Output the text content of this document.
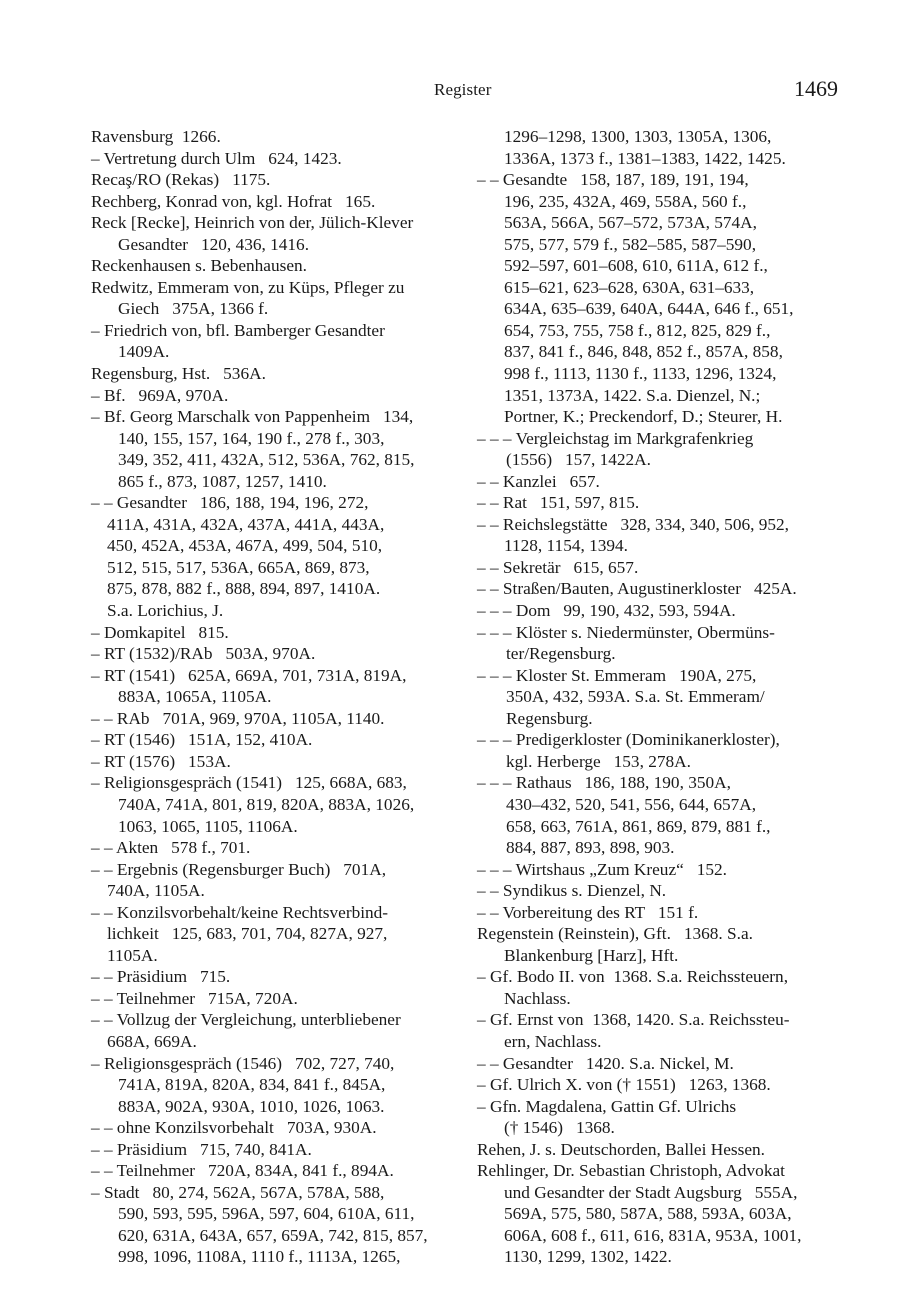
Register	1469
Ravensburg  1266.
– Vertretung durch Ulm   624, 1423.
Recaş/RO (Rekas)   1175.
Rechberg, Konrad von, kgl. Hofrat   165.
Reck [Recke], Heinrich von der, Jülich-Klever
Gesandter   120, 436, 1416.
Reckenhausen s. Bebenhausen.
Redwitz, Emmeram von, zu Küps, Pfleger zu
Giech   375A, 1366 f.
– Friedrich von, bfl. Bamberger Gesandter
1409A.
Regensburg, Hst.   536A.
– Bf.   969A, 970A.
– Bf. Georg Marschalk von Pappenheim   134,
140, 155, 157, 164, 190 f., 278 f., 303,
349, 352, 411, 432A, 512, 536A, 762, 815,
865 f., 873, 1087, 1257, 1410.
– – Gesandter   186, 188, 194, 196, 272,
411A, 431A, 432A, 437A, 441A, 443A,
450, 452A, 453A, 467A, 499, 504, 510,
512, 515, 517, 536A, 665A, 869, 873,
875, 878, 882 f., 888, 894, 897, 1410A.
S.a. Lorichius, J.
– Domkapitel   815.
– RT (1532)/RAb   503A, 970A.
– RT (1541)   625A, 669A, 701, 731A, 819A,
883A, 1065A, 1105A.
– – RAb   701A, 969, 970A, 1105A, 1140.
– RT (1546)   151A, 152, 410A.
– RT (1576)   153A.
– Religionsgespräch (1541)   125, 668A, 683,
740A, 741A, 801, 819, 820A, 883A, 1026,
1063, 1065, 1105, 1106A.
– – Akten   578 f., 701.
– – Ergebnis (Regensburger Buch)   701A,
740A, 1105A.
– – Konzilsvorbehalt/keine Rechtsverbind-
lichkeit   125, 683, 701, 704, 827A, 927,
1105A.
– – Präsidium   715.
– – Teilnehmer   715A, 720A.
– – Vollzug der Vergleichung, unterbliebener
668A, 669A.
– Religionsgespräch (1546)   702, 727, 740,
741A, 819A, 820A, 834, 841 f., 845A,
883A, 902A, 930A, 1010, 1026, 1063.
– – ohne Konzilsvorbehalt   703A, 930A.
– – Präsidium   715, 740, 841A.
– – Teilnehmer   720A, 834A, 841 f., 894A.
– Stadt   80, 274, 562A, 567A, 578A, 588,
590, 593, 595, 596A, 597, 604, 610A, 611,
620, 631A, 643A, 657, 659A, 742, 815, 857,
998, 1096, 1108A, 1110 f., 1113A, 1265,
1296–1298, 1300, 1303, 1305A, 1306,
1336A, 1373 f., 1381–1383, 1422, 1425.
– – Gesandte   158, 187, 189, 191, 194,
196, 235, 432A, 469, 558A, 560 f.,
563A, 566A, 567–572, 573A, 574A,
575, 577, 579 f., 582–585, 587–590,
592–597, 601–608, 610, 611A, 612 f.,
615–621, 623–628, 630A, 631–633,
634A, 635–639, 640A, 644A, 646 f., 651,
654, 753, 755, 758 f., 812, 825, 829 f.,
837, 841 f., 846, 848, 852 f., 857A, 858,
998 f., 1113, 1130 f., 1133, 1296, 1324,
1351, 1373A, 1422. S.a. Dienzel, N.;
Portner, K.; Preckendorf, D.; Steurer, H.
– – – Vergleichstag im Markgrafenkrieg
(1556)   157, 1422A.
– – Kanzlei   657.
– – Rat   151, 597, 815.
– – Reichslegstätte   328, 334, 340, 506, 952,
1128, 1154, 1394.
– – Sekretär   615, 657.
– – Straßen/Bauten, Augustinerkloster   425A.
– – – Dom   99, 190, 432, 593, 594A.
– – – Klöster s. Niedermünster, Obermüns-
ter/Regensburg.
– – – Kloster St. Emmeram   190A, 275,
350A, 432, 593A. S.a. St. Emmeram/
Regensburg.
– – – Predigerkloster (Dominikanerkloster),
kgl. Herberge   153, 278A.
– – – Rathaus   186, 188, 190, 350A,
430–432, 520, 541, 556, 644, 657A,
658, 663, 761A, 861, 869, 879, 881 f.,
884, 887, 893, 898, 903.
– – – Wirtshaus „Zum Kreuz“   152.
– – Syndikus s. Dienzel, N.
– – Vorbereitung des RT   151 f.
Regenstein (Reinstein), Gft.   1368. S.a.
Blankenburg [Harz], Hft.
– Gf. Bodo II. von  1368. S.a. Reichssteuern,
Nachlass.
– Gf. Ernst von  1368, 1420. S.a. Reichssteu-
ern, Nachlass.
– – Gesandter   1420. S.a. Nickel, M.
– Gf. Ulrich X. von († 1551)   1263, 1368.
– Gfn. Magdalena, Gattin Gf. Ulrichs
(† 1546)   1368.
Rehen, J. s. Deutschorden, Ballei Hessen.
Rehlinger, Dr. Sebastian Christoph, Advokat
und Gesandter der Stadt Augsburg   555A,
569A, 575, 580, 587A, 588, 593A, 603A,
606A, 608 f., 611, 616, 831A, 953A, 1001,
1130, 1299, 1302, 1422.
